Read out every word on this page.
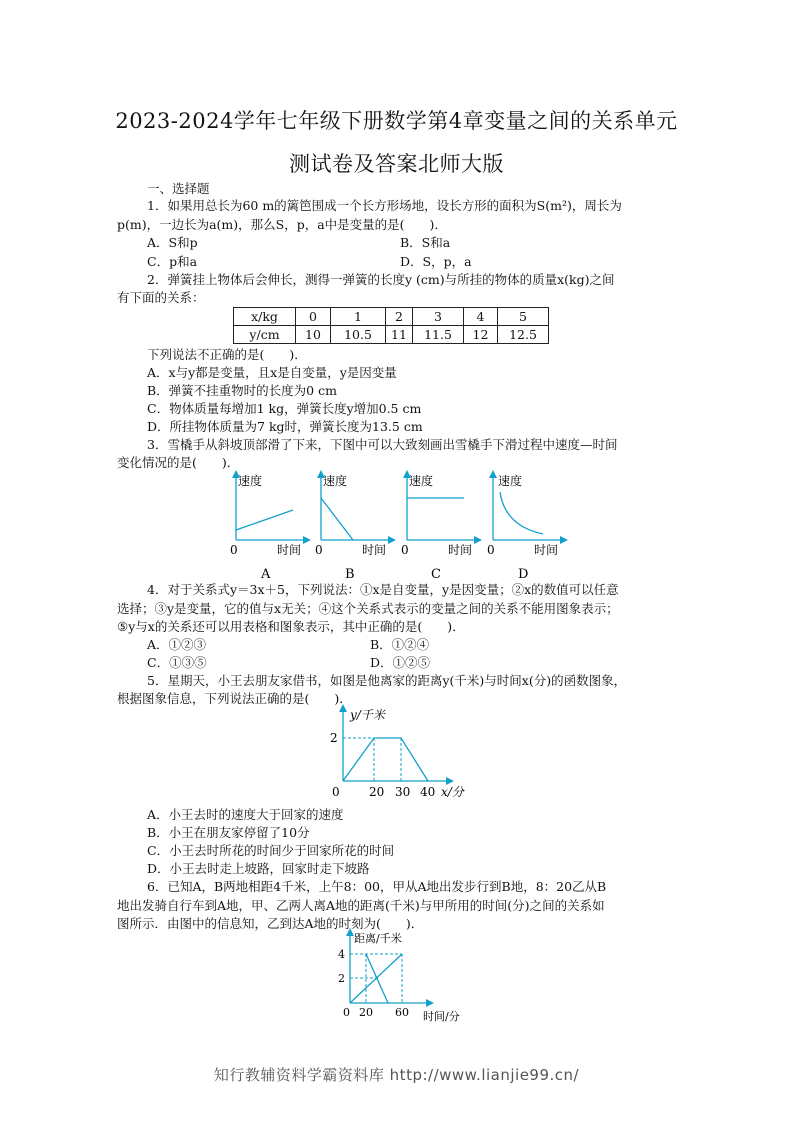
2023-2024学年七年级下册数学第4章变量之间的关系单元
测试卷及答案北师大版
一、选择题
1．如果用总长为60 m的篱笆围成一个长方形场地，设长方形的面积为S(m²)，周长为
p(m)，一边长为a(m)，那么S，p，a中是变量的是(　　)．
A．S和p	B．S和a
C．p和a	D．S，p，a
2．弹簧挂上物体后会伸长，测得一弹簧的长度y (cm)与所挂的物体的质量x(kg)之间
有下面的关系：
x/kg	0	1	2	3	4	5
y/cm	10	10.5	11	11.5	12	12.5
下列说法不正确的是(　　)．
A．x与y都是变量，且x是自变量，y是因变量
B．弹簧不挂重物时的长度为0 cm
C．物体质量每增加1 kg，弹簧长度y增加0.5 cm
D．所挂物体质量为7 kg时，弹簧长度为13.5 cm
3．雪橇手从斜坡顶部滑了下来，下图中可以大致刻画出雪橇手下滑过程中速度—时间
变化情况的是(　　)．
速度
0	时间
A
速度
0	时间
B
速度
0	时间
C
速度
0	时间
D
4．对于关系式y＝3x＋5，下列说法：①x是自变量，y是因变量；②x的数值可以任意
选择；③y是变量，它的值与x无关；④这个关系式表示的变量之间的关系不能用图象表示；
⑤y与x的关系还可以用表格和图象表示，其中正确的是(　　)．
A．①②③	B．①②④
C．①③⑤	D．①②⑤
5．星期天，小王去朋友家借书，如图是他离家的距离y(千米)与时间x(分)的函数图象，
根据图象信息，下列说法正确的是(　　)．
y/千米
2
0 20 30 40 x/分
A．小王去时的速度大于回家的速度
B．小王在朋友家停留了10分
C．小王去时所花的时间少于回家所花的时间
D．小王去时走上坡路，回家时走下坡路
6．已知A，B两地相距4千米，上午8：00，甲从A地出发步行到B地，8：20乙从B
地出发骑自行车到A地，甲、乙两人离A地的距离(千米)与甲所用的时间(分)之间的关系如
图所示．由图中的信息知，乙到达A地的时刻为(　　)．
距离/千米
4
2
0 20 60 时间/分
知行教辅资料学霸资料库 http://www.lianjie99.cn/
